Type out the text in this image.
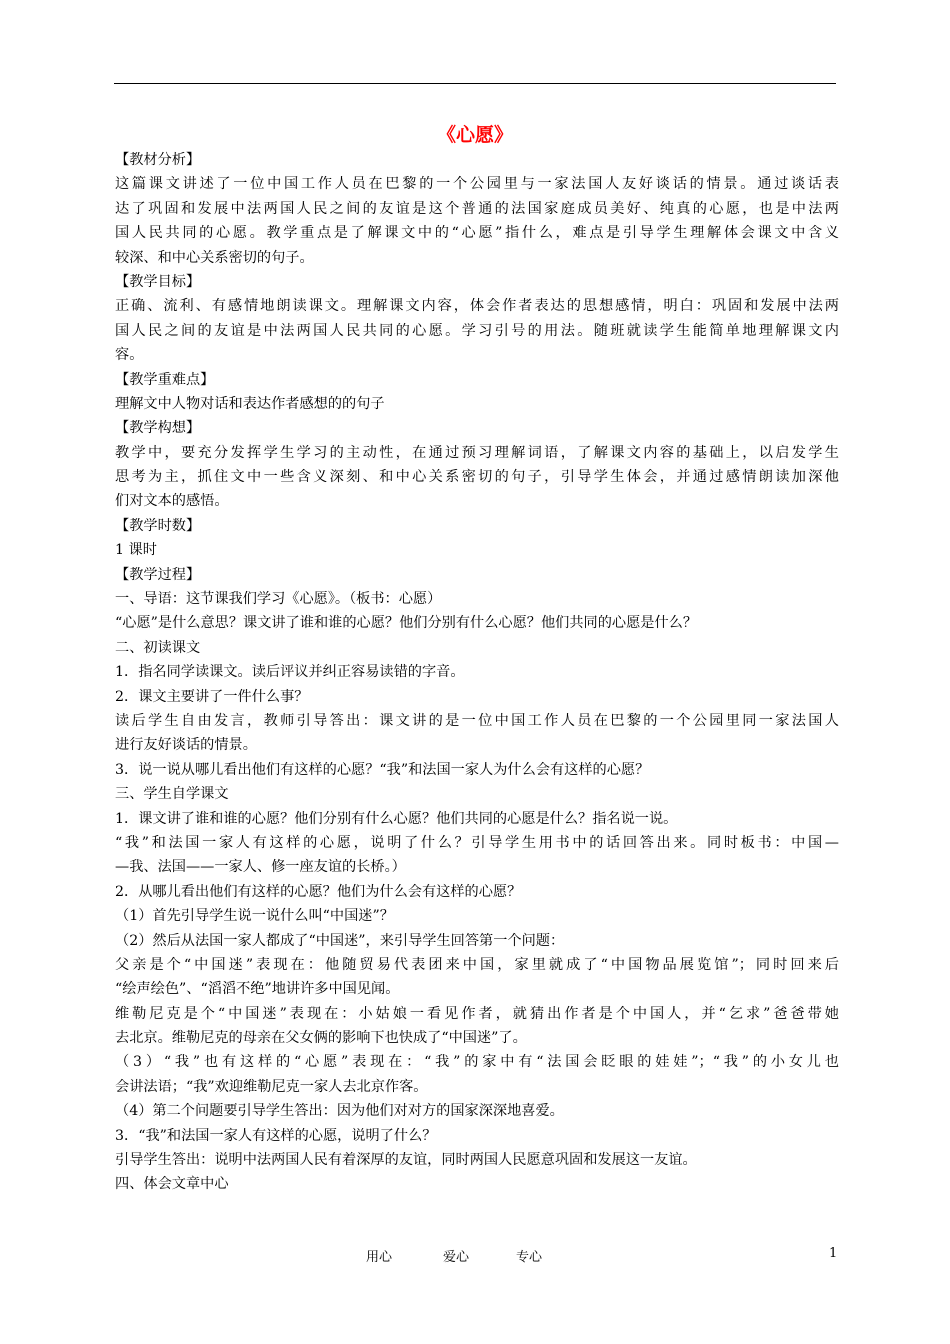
《心愿》
【教材分析】
这篇课文讲述了一位中国工作人员在巴黎的一个公园里与一家法国人友好谈话的情景。通过谈话表
达了巩固和发展中法两国人民之间的友谊是这个普通的法国家庭成员美好、纯真的心愿，也是中法两
国人民共同的心愿。教学重点是了解课文中的“心愿”指什么，难点是引导学生理解体会课文中含义
较深、和中心关系密切的句子。
【教学目标】
正确、流利、有感情地朗读课文。理解课文内容，体会作者表达的思想感情，明白：巩固和发展中法两
国人民之间的友谊是中法两国人民共同的心愿。学习引号的用法。随班就读学生能简单地理解课文内
容。
【教学重难点】
理解文中人物对话和表达作者感想的的句子
【教学构想】
教学中，要充分发挥学生学习的主动性，在通过预习理解词语，了解课文内容的基础上，以启发学生
思考为主，抓住文中一些含义深刻、和中心关系密切的句子，引导学生体会，并通过感情朗读加深他
们对文本的感悟。
【教学时数】
1 课时
【教学过程】
一、导语：这节课我们学习《心愿》。（板书：心愿）
“心愿”是什么意思？课文讲了谁和谁的心愿？他们分别有什么心愿？他们共同的心愿是什么？
二、初读课文
1．指名同学读课文。读后评议并纠正容易读错的字音。
2．课文主要讲了一件什么事？
读后学生自由发言，教师引导答出：课文讲的是一位中国工作人员在巴黎的一个公园里同一家法国人
进行友好谈话的情景。
3．说一说从哪儿看出他们有这样的心愿？“我”和法国一家人为什么会有这样的心愿？
三、学生自学课文
1．课文讲了谁和谁的心愿？他们分别有什么心愿？他们共同的心愿是什么？指名说一说。
“我”和法国一家人有这样的心愿，说明了什么？引导学生用书中的话回答出来。同时板书：中国—
—我、法国——一家人、修一座友谊的长桥。）
2．从哪儿看出他们有这样的心愿？他们为什么会有这样的心愿？
（1）首先引导学生说一说什么叫“中国迷”？
（2）然后从法国一家人都成了“中国迷”，来引导学生回答第一个问题：
父亲是个“中国迷”表现在：他随贸易代表团来中国，家里就成了“中国物品展览馆”；同时回来后
“绘声绘色”、“滔滔不绝”地讲许多中国见闻。
维勒尼克是个“中国迷”表现在：小姑娘一看见作者，就猜出作者是个中国人，并“乞求”爸爸带她
去北京。维勒尼克的母亲在父女俩的影响下也快成了“中国迷”了。
（3）“我”也有这样的“心愿”表现在：“我”的家中有“法国会眨眼的娃娃”；“我”的小女儿也
会讲法语；“我”欢迎维勒尼克一家人去北京作客。
（4）第二个问题要引导学生答出：因为他们对对方的国家深深地喜爱。
3．“我”和法国一家人有这样的心愿，说明了什么？
引导学生答出：说明中法两国人民有着深厚的友谊，同时两国人民愿意巩固和发展这一友谊。
四、体会文章中心
用心	爱心	专心	1
